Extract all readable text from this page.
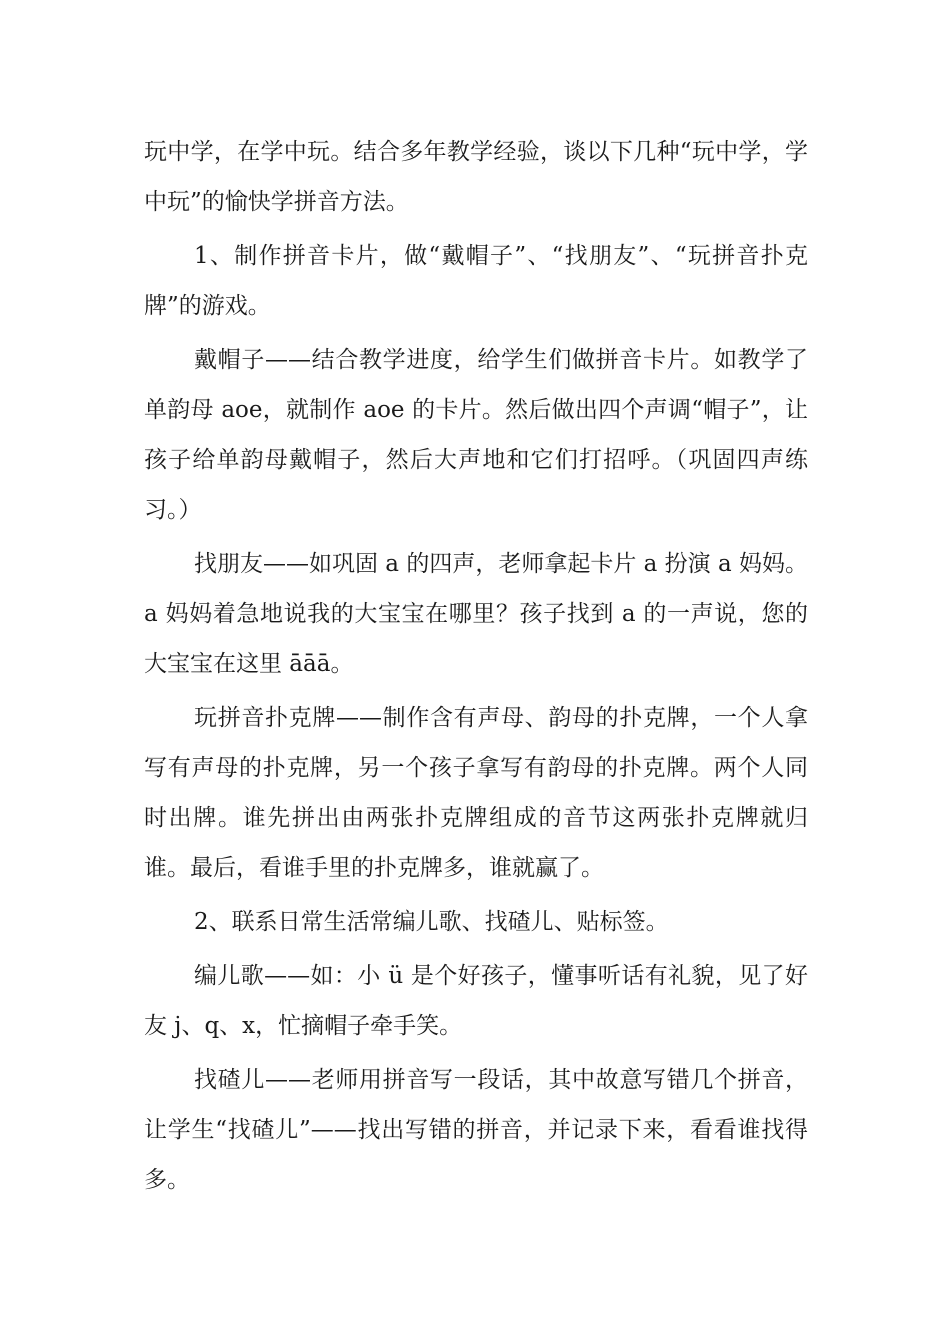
玩中学，在学中玩。结合多年教学经验，谈以下几种“玩中学，学中玩”的愉快学拼音方法。

1、制作拼音卡片，做“戴帽子”、“找朋友”、“玩拼音扑克牌”的游戏。

戴帽子——结合教学进度，给学生们做拼音卡片。如教学了单韵母 aoe，就制作 aoe 的卡片。然后做出四个声调“帽子”，让孩子给单韵母戴帽子，然后大声地和它们打招呼。（巩固四声练习。）

找朋友——如巩固 a 的四声，老师拿起卡片 a 扮演 a 妈妈。a 妈妈着急地说我的大宝宝在哪里？孩子找到 a 的一声说，您的大宝宝在这里 āāā。

玩拼音扑克牌——制作含有声母、韵母的扑克牌，一个人拿写有声母的扑克牌，另一个孩子拿写有韵母的扑克牌。两个人同时出牌。谁先拼出由两张扑克牌组成的音节这两张扑克牌就归谁。最后，看谁手里的扑克牌多，谁就赢了。

2、联系日常生活常编儿歌、找碴儿、贴标签。

编儿歌——如：小 ü 是个好孩子，懂事听话有礼貌，见了好友 j、q、x，忙摘帽子牵手笑。

找碴儿——老师用拼音写一段话，其中故意写错几个拼音，让学生“找碴儿”——找出写错的拼音，并记录下来，看看谁找得多。
